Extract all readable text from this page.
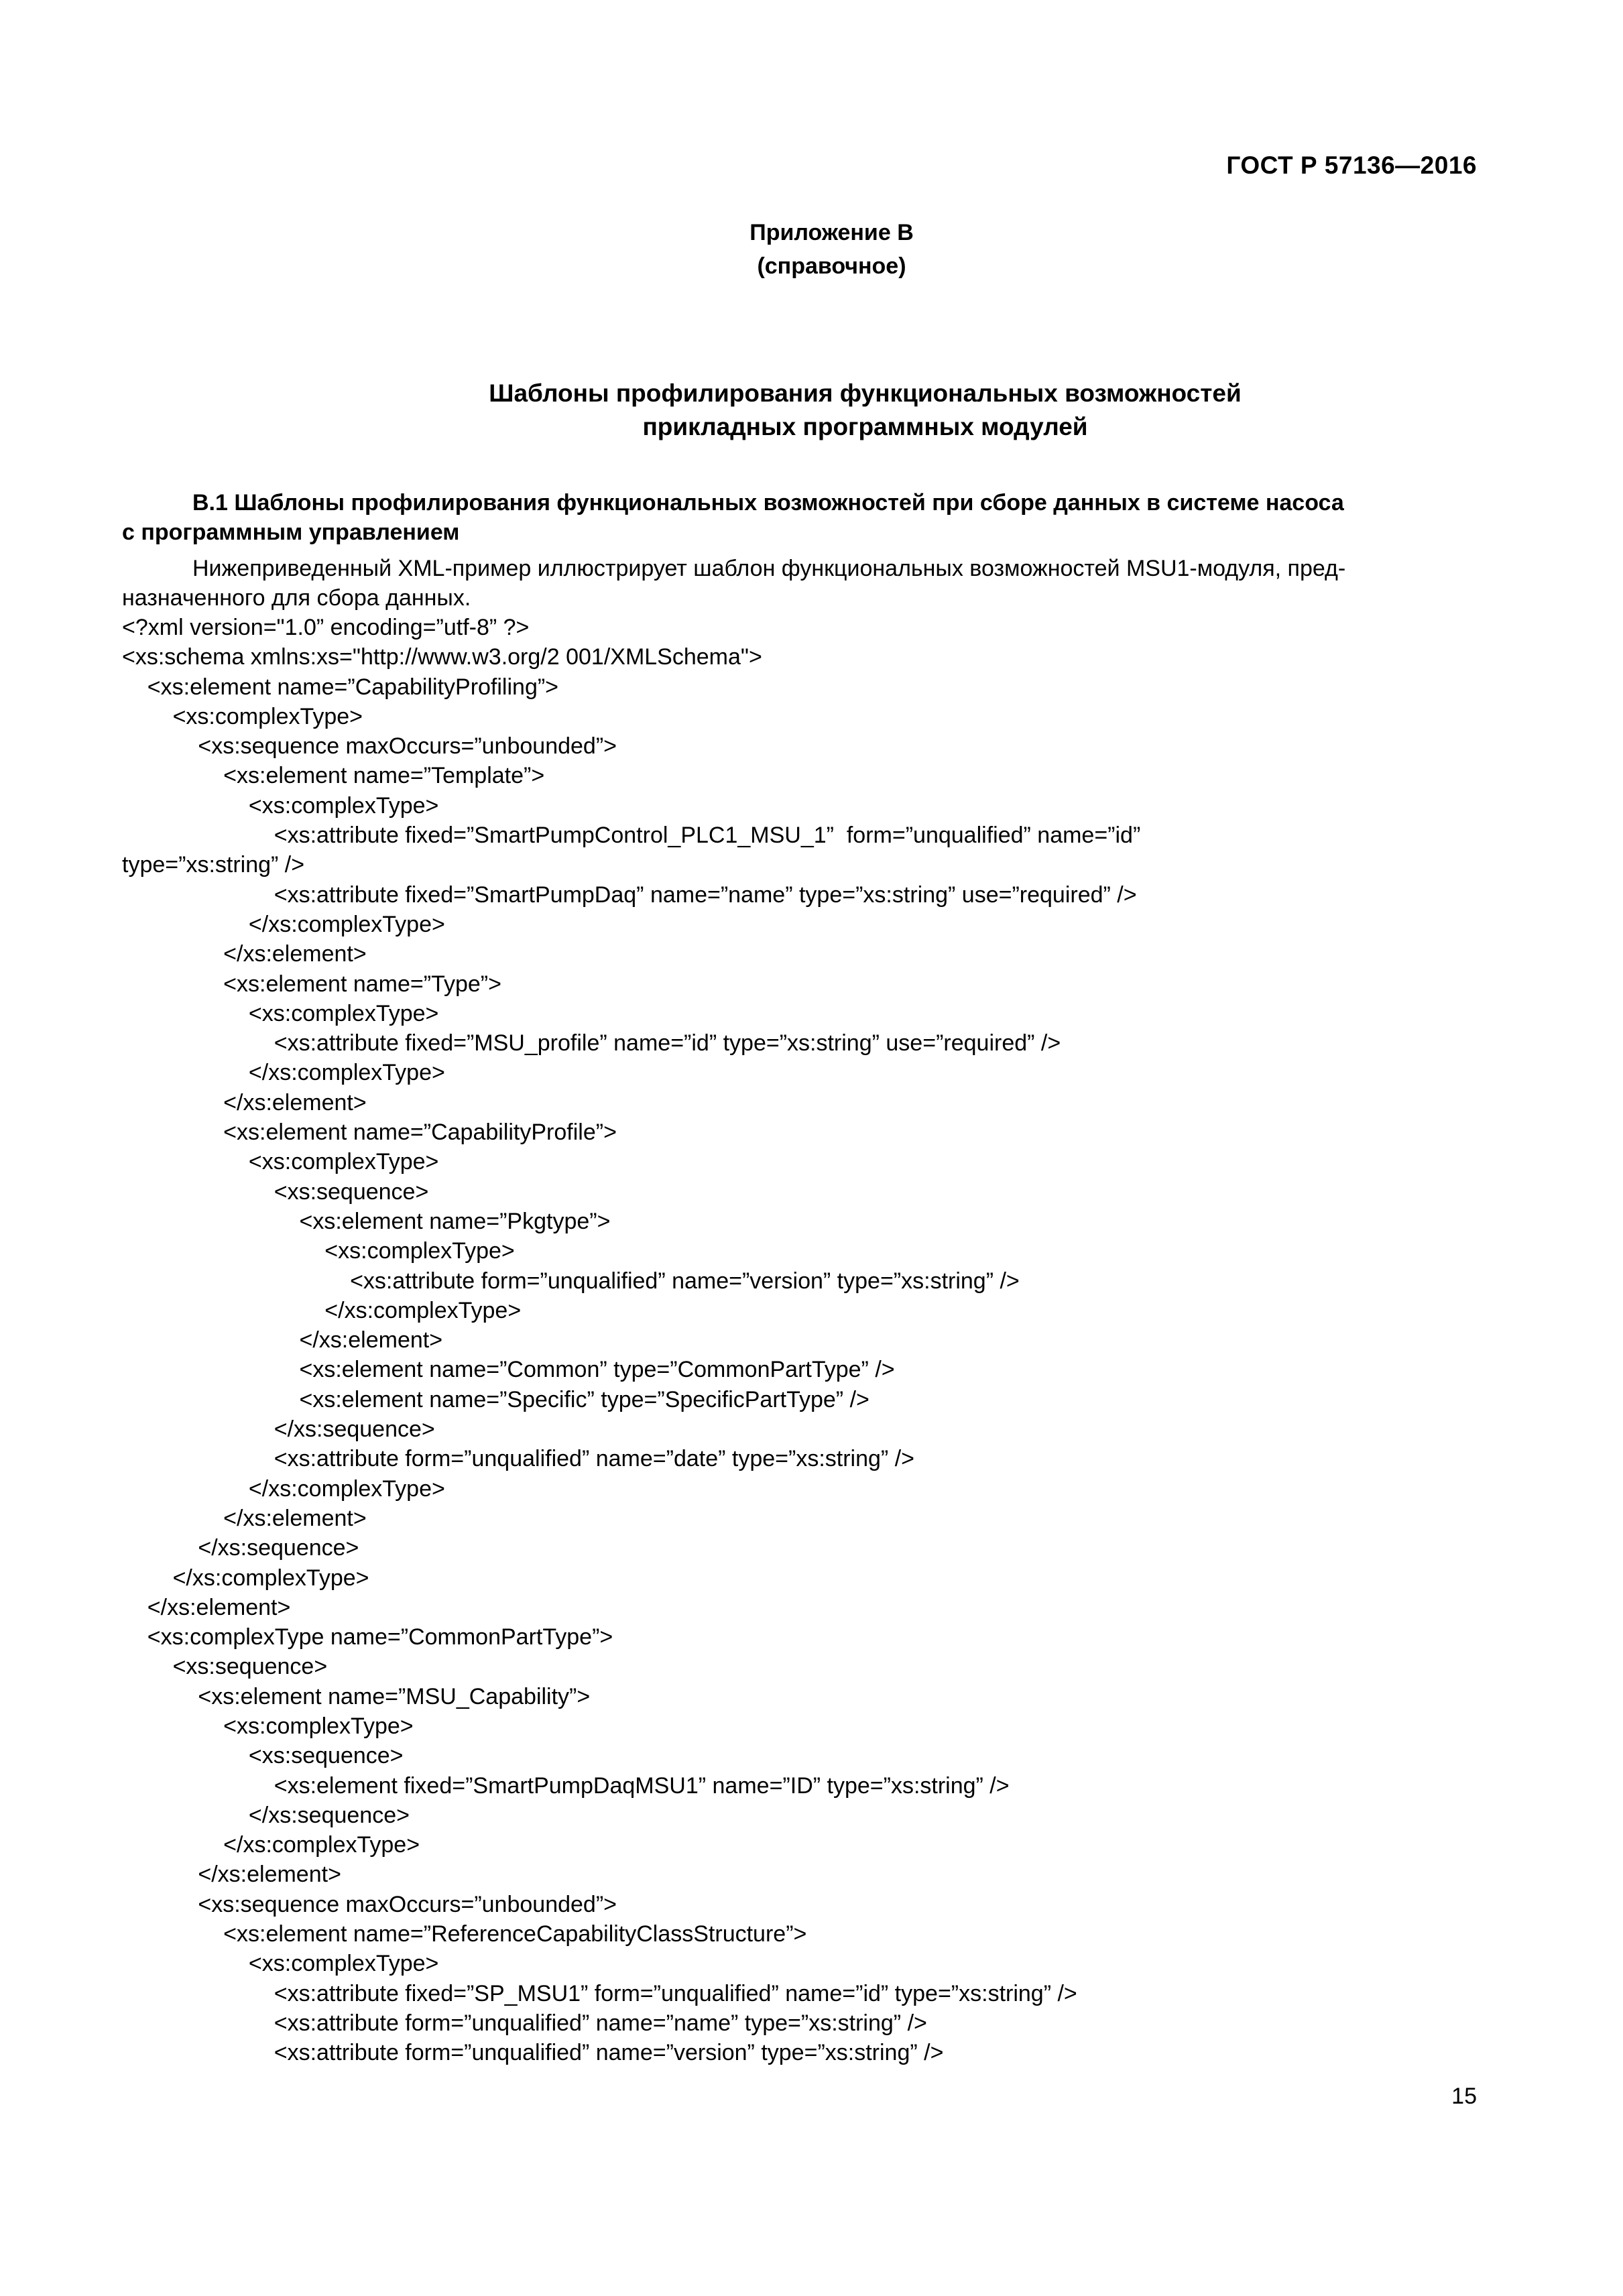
ГОСТ Р 57136—2016
Приложение В
(справочное)
Шаблоны профилирования функциональных возможностей
прикладных программных модулей
В.1 Шаблоны профилирования функциональных возможностей при сборе данных в системе насоса
с программным управлением
Нижеприведенный XML-пример иллюстрирует шаблон функциональных возможностей MSU1-модуля, пред-
назначенного для сбора данных.
<?xml version="1.0” encoding=”utf-8” ?>
<xs:schema xmlns:xs="http://www.w3.org/2 001/XMLSchema">
<xs:element name=”CapabilityProfiling”>
<xs:complexType>
<xs:sequence maxOccurs=”unbounded”>
<xs:element name=”Template”>
<xs:complexType>
<xs:attribute fixed=”SmartPumpControl_PLC1_MSU_1”  form=”unqualified” name=”id”
type=”xs:string” />
<xs:attribute fixed=”SmartPumpDaq” name=”name” type=”xs:string” use=”required” />
</xs:complexType>
</xs:element>
<xs:element name=”Type”>
<xs:complexType>
<xs:attribute fixed=”MSU_profile” name=”id” type=”xs:string” use=”required” />
</xs:complexType>
</xs:element>
<xs:element name=”CapabilityProfile”>
<xs:complexType>
<xs:sequence>
<xs:element name=”Pkgtype”>
<xs:complexType>
<xs:attribute form=”unqualified” name=”version” type=”xs:string” />
</xs:complexType>
</xs:element>
<xs:element name=”Common” type=”CommonPartType” />
<xs:element name=”Specific” type=”SpecificPartType” />
</xs:sequence>
<xs:attribute form=”unqualified” name=”date” type=”xs:string” />
</xs:complexType>
</xs:element>
</xs:sequence>
</xs:complexType>
</xs:element>
<xs:complexType name=”CommonPartType”>
<xs:sequence>
<xs:element name=”MSU_Capability”>
<xs:complexType>
<xs:sequence>
<xs:element fixed=”SmartPumpDaqMSU1” name=”ID” type=”xs:string” />
</xs:sequence>
</xs:complexType>
</xs:element>
<xs:sequence maxOccurs=”unbounded”>
<xs:element name=”ReferenceCapabilityClassStructure”>
<xs:complexType>
<xs:attribute fixed=”SP_MSU1” form=”unqualified” name=”id” type=”xs:string” />
<xs:attribute form=”unqualified” name=”name” type=”xs:string” />
<xs:attribute form=”unqualified” name=”version” type=”xs:string” />
15
